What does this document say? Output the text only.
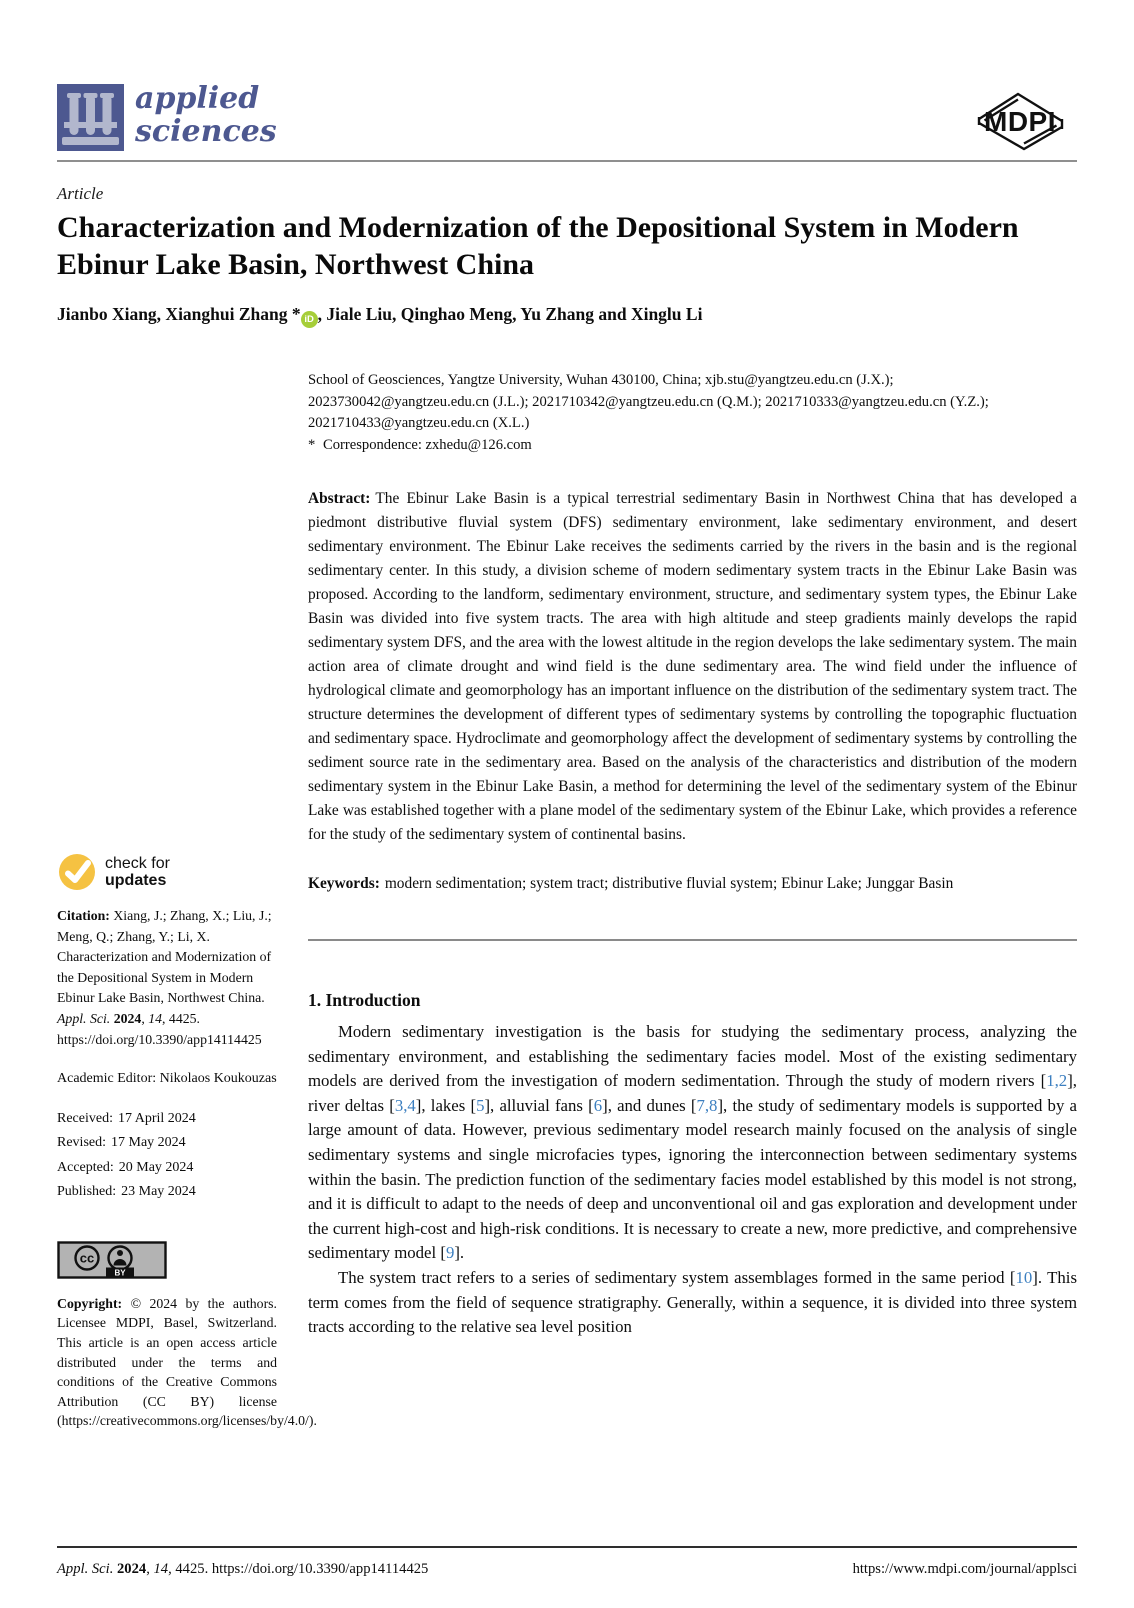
applied
sciences	MDPI
Article
Characterization and Modernization of the Depositional System in Modern Ebinur Lake Basin, Northwest China
Jianbo Xiang, Xianghui Zhang * iD , Jiale Liu, Qinghao Meng, Yu Zhang and Xinglu Li
check for
updates

Citation: Xiang, J.; Zhang, X.; Liu, J.; Meng, Q.; Zhang, Y.; Li, X. Characterization and Modernization of the Depositional System in Modern Ebinur Lake Basin, Northwest China. Appl. Sci. 2024, 14, 4425. https://doi.org/10.3390/app14114425

Academic Editor: Nikolaos Koukouzas

Received: 17 April 2024
Revised: 17 May 2024
Accepted: 20 May 2024
Published: 23 May 2024
cc
BY

Copyright: © 2024 by the authors. Licensee MDPI, Basel, Switzerland. This article is an open access article distributed under the terms and conditions of the Creative Commons Attribution (CC BY) license (https://creativecommons.org/licenses/by/4.0/).

School of Geosciences, Yangtze University, Wuhan 430100, China; xjb.stu@yangtzeu.edu.cn (J.X.); 2023730042@yangtzeu.edu.cn (J.L.); 2021710342@yangtzeu.edu.cn (Q.M.); 2021710333@yangtzeu.edu.cn (Y.Z.); 2021710433@yangtzeu.edu.cn (X.L.)

* Correspondence: zxhedu@126.com

Abstract: The Ebinur Lake Basin is a typical terrestrial sedimentary Basin in Northwest China that has developed a piedmont distributive fluvial system (DFS) sedimentary environment, lake sedimentary environment, and desert sedimentary environment. The Ebinur Lake receives the sediments carried by the rivers in the basin and is the regional sedimentary center. In this study, a division scheme of modern sedimentary system tracts in the Ebinur Lake Basin was proposed. According to the landform, sedimentary environment, structure, and sedimentary system types, the Ebinur Lake Basin was divided into five system tracts. The area with high altitude and steep gradients mainly develops the rapid sedimentary system DFS, and the area with the lowest altitude in the region develops the lake sedimentary system. The main action area of climate drought and wind field is the dune sedimentary area. The wind field under the influence of hydrological climate and geomorphology has an important influence on the distribution of the sedimentary system tract. The structure determines the development of different types of sedimentary systems by controlling the topographic fluctuation and sedimentary space. Hydroclimate and geomorphology affect the development of sedimentary systems by controlling the sediment source rate in the sedimentary area. Based on the analysis of the characteristics and distribution of the modern sedimentary system in the Ebinur Lake Basin, a method for determining the level of the sedimentary system of the Ebinur Lake was established together with a plane model of the sedimentary system of the Ebinur Lake, which provides a reference for the study of the sedimentary system of continental basins.

Keywords: modern sedimentation; system tract; distributive fluvial system; Ebinur Lake; Junggar Basin

1. Introduction

Modern sedimentary investigation is the basis for studying the sedimentary process, analyzing the sedimentary environment, and establishing the sedimentary facies model. Most of the existing sedimentary models are derived from the investigation of modern sedimentation. Through the study of modern rivers [1,2], river deltas [3,4], lakes [5], alluvial fans [6], and dunes [7,8], the study of sedimentary models is supported by a large amount of data. However, previous sedimentary model research mainly focused on the analysis of single sedimentary systems and single microfacies types, ignoring the interconnection between sedimentary systems within the basin. The prediction function of the sedimentary facies model established by this model is not strong, and it is difficult to adapt to the needs of deep and unconventional oil and gas exploration and development under the current high-cost and high-risk conditions. It is necessary to create a new, more predictive, and comprehensive sedimentary model [9].

The system tract refers to a series of sedimentary system assemblages formed in the same period [10]. This term comes from the field of sequence stratigraphy. Generally, within a sequence, it is divided into three system tracts according to the relative sea level position

Appl. Sci. 2024, 14, 4425. https://doi.org/10.3390/app14114425	https://www.mdpi.com/journal/applsci
